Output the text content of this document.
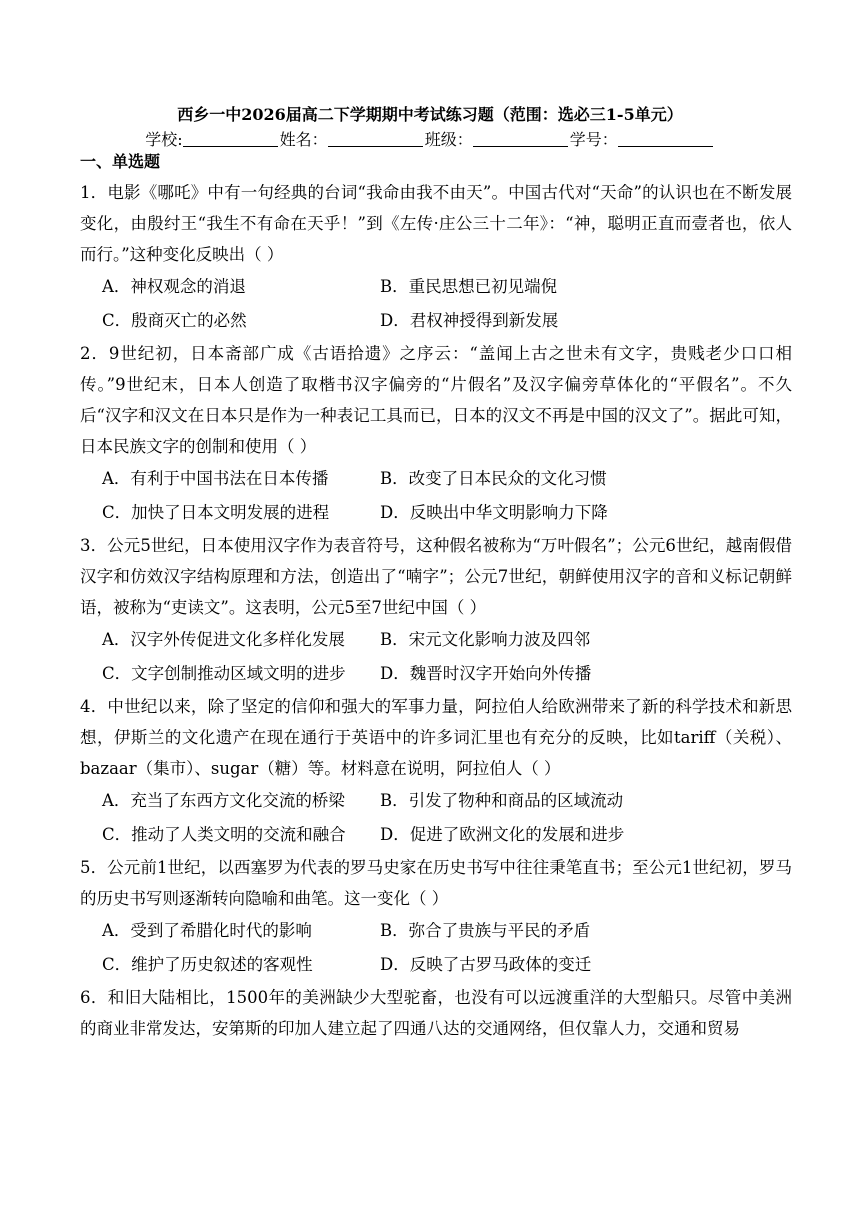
西乡一中2026届高二下学期期中考试练习题（范围：选必三1-5单元）
学校:	姓名：	班级：	学号：
一、单选题
1．电影《哪吒》中有一句经典的台词“我命由我不由天”。中国古代对“天命”的认识也在不断发展变化，由殷纣王“我生不有命在天乎！”到《左传·庄公三十二年》：“神，聪明正直而壹者也，依人而行。”这种变化反映出（ ）
A．神权观念的消退	B．重民思想已初见端倪
C．殷商灭亡的必然	D．君权神授得到新发展
2．9世纪初，日本斋部广成《古语拾遗》之序云：“盖闻上古之世未有文字，贵贱老少口口相传。”9世纪末，日本人创造了取楷书汉字偏旁的“片假名”及汉字偏旁草体化的“平假名”。不久后“汉字和汉文在日本只是作为一种表记工具而已，日本的汉文不再是中国的汉文了”。据此可知，日本民族文字的创制和使用（ ）
A．有利于中国书法在日本传播	B．改变了日本民众的文化习惯
C．加快了日本文明发展的进程	D．反映出中华文明影响力下降
3．公元5世纪，日本使用汉字作为表音符号，这种假名被称为“万叶假名”；公元6世纪，越南假借汉字和仿效汉字结构原理和方法，创造出了“喃字”；公元7世纪，朝鲜使用汉字的音和义标记朝鲜语，被称为“吏读文”。这表明，公元5至7世纪中国（ ）
A．汉字外传促进文化多样化发展	B．宋元文化影响力波及四邻
C．文字创制推动区域文明的进步	D．魏晋时汉字开始向外传播
4．中世纪以来，除了坚定的信仰和强大的军事力量，阿拉伯人给欧洲带来了新的科学技术和新思想，伊斯兰的文化遗产在现在通行于英语中的许多词汇里也有充分的反映，比如tariff（关税）、bazaar（集市）、sugar（糖）等。材料意在说明，阿拉伯人（ ）
A．充当了东西方文化交流的桥梁	B．引发了物种和商品的区域流动
C．推动了人类文明的交流和融合	D．促进了欧洲文化的发展和进步
5．公元前1世纪，以西塞罗为代表的罗马史家在历史书写中往往秉笔直书；至公元1世纪初，罗马的历史书写则逐渐转向隐喻和曲笔。这一变化（ ）
A．受到了希腊化时代的影响	B．弥合了贵族与平民的矛盾
C．维护了历史叙述的客观性	D．反映了古罗马政体的变迁
6．和旧大陆相比，1500年的美洲缺少大型驼畜，也没有可以远渡重洋的大型船只。尽管中美洲的商业非常发达，安第斯的印加人建立起了四通八达的交通网络，但仅靠人力，交通和贸易
